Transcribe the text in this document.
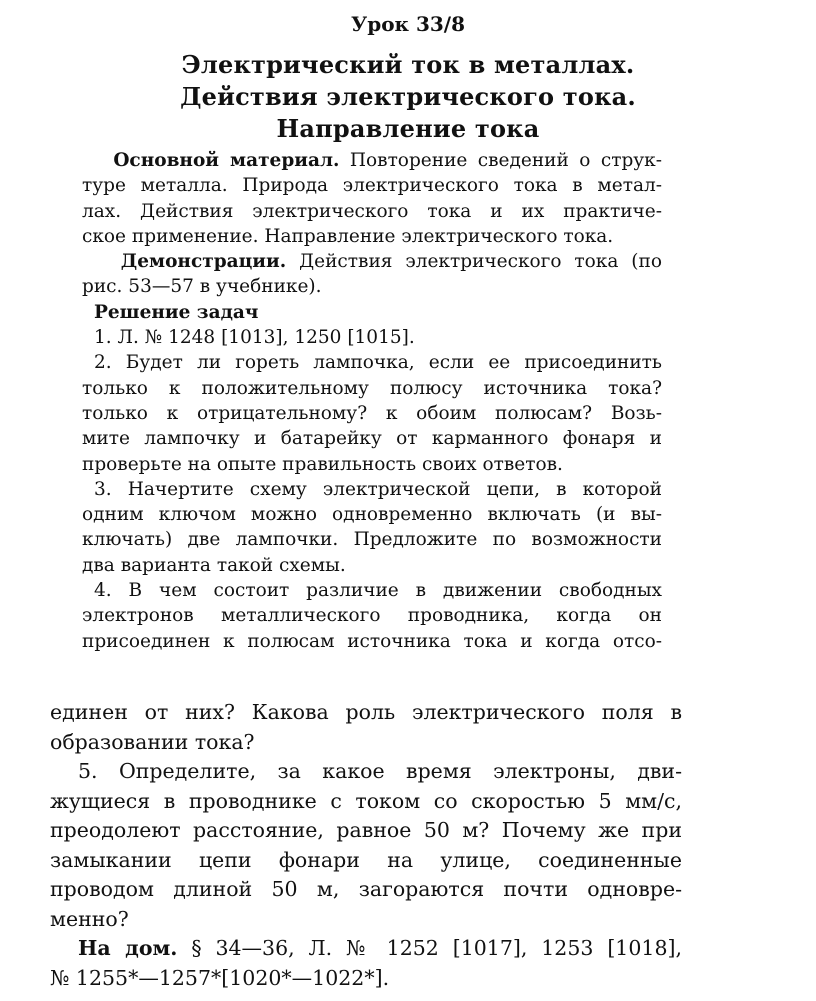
Урок 33/8
Электрический ток в металлах.
Действия электрического тока.
Направление тока
Основной материал. Повторение сведений о струк-
туре металла. Природа электрического тока в метал-
лах. Действия электрического тока и их практиче-
ское применение. Направление электрического тока.
Демонстрации. Действия электрического тока (по
рис. 53—57 в учебнике).
Решение задач
1. Л. № 1248 [1013], 1250 [1015].
2. Будет ли гореть лампочка, если ее присоединить
только к положительному полюсу источника тока?
только к отрицательному? к обоим полюсам? Возь-
мите лампочку и батарейку от карманного фонаря и
проверьте на опыте правильность своих ответов.
3. Начертите схему электрической цепи, в которой
одним ключом можно одновременно включать (и вы-
ключать) две лампочки. Предложите по возможности
два варианта такой схемы.
4. В чем состоит различие в движении свободных
электронов металлического проводника, когда он
присоединен к полюсам источника тока и когда отсо-
единен от них? Какова роль электрического поля в
образовании тока?
5. Определите, за какое время электроны, дви-
жущиеся в проводнике с током со скоростью 5 мм/с,
преодолеют расстояние, равное 50 м? Почему же при
замыкании цепи фонари на улице, соединенные
проводом длиной 50 м, загораются почти одновре-
менно?
На дом. § 34—36, Л. № 1252 [1017], 1253 [1018],
№ 1255*—1257*[1020*—1022*].
